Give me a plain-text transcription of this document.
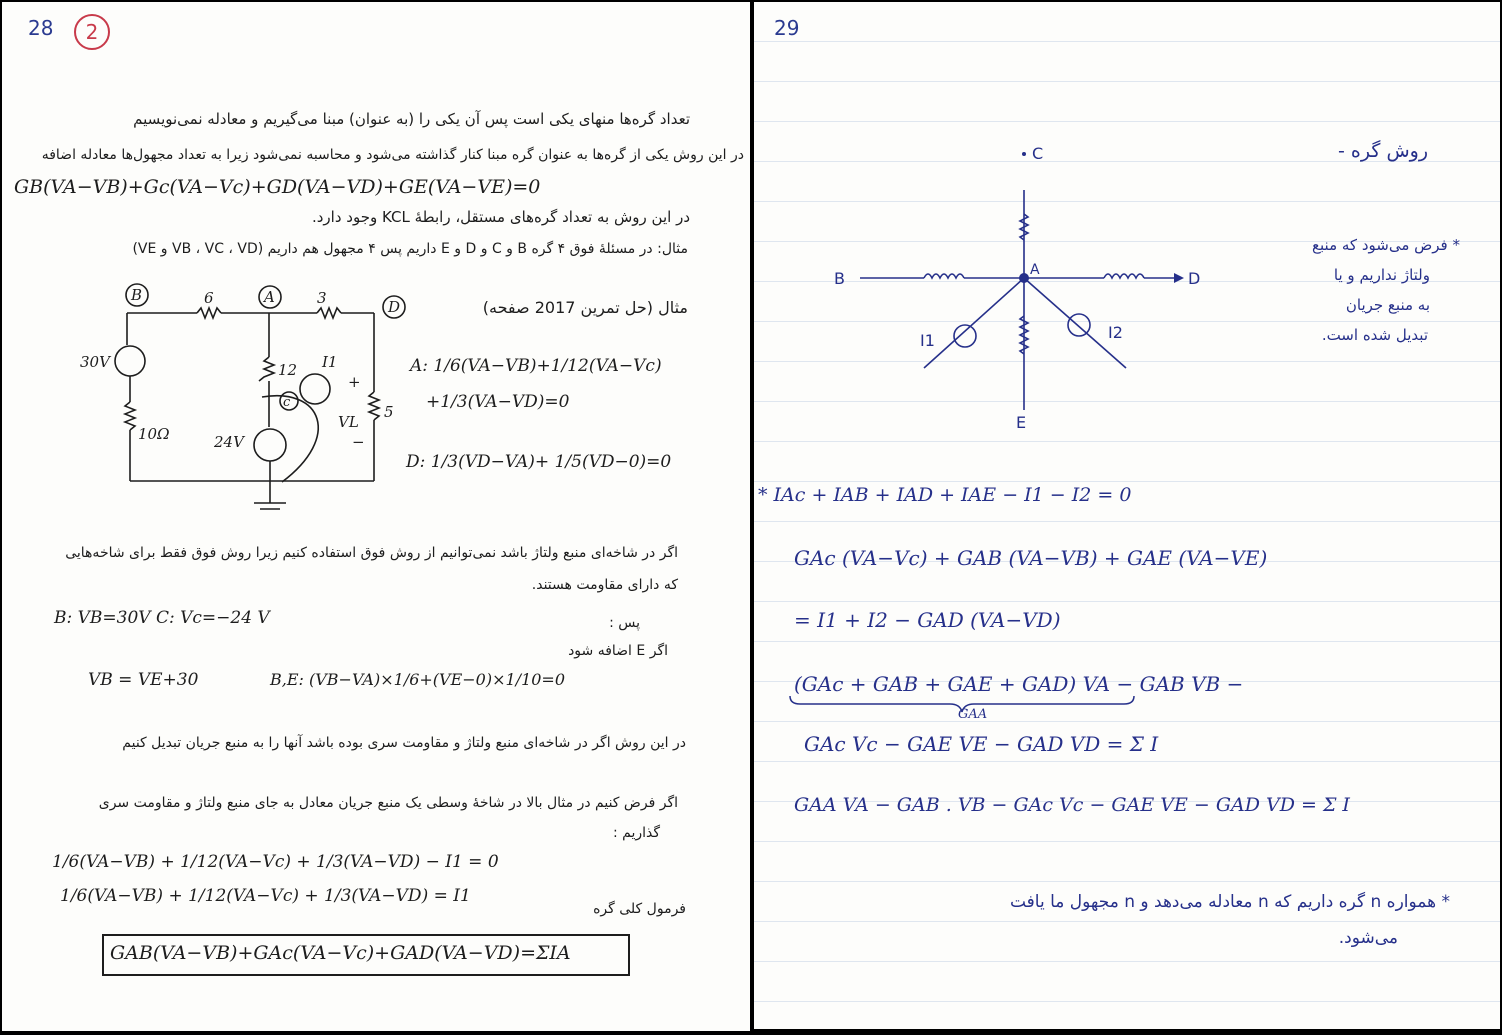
28	2
تعداد گره‌ها منهای یکی است پس آن یکی را (به عنوان) مبنا می‌گیریم و معادله نمی‌نویسیم
در این روش یکی از گره‌ها به عنوان گره مبنا کنار گذاشته می‌شود و محاسبه نمی‌شود زیرا به تعداد مجهول‌ها معادله اضافه
GB(VA−VB)+Gc(VA−Vc)+GD(VA−VD)+GE(VA−VE)=0
در این روش به تعداد گره‌های مستقل، رابطهٔ KCL وجود دارد.
مثال: در مسئلهٔ فوق ۴ گره B و C و D و E داریم پس ۴ مجهول هم داریم (VB ، VC ، VD و VE)
B	A
D
c
6
12
3
5
10Ω
30V
24V
I1
VL
+
−
مثال (حل تمرین 2017 صفحه)
A: 1/6(VA−VB)+1/12(VA−Vc)
+1/3(VA−VD)=0
D: 1/3(VD−VA)+ 1/5(VD−0)=0
اگر در شاخه‌ای منبع ولتاژ باشد نمی‌توانیم از روش فوق استفاده کنیم زیرا روش فوق فقط برای شاخه‌هایی
که دارای مقاومت هستند.
پس :
اگر E اضافه شود
B: VB=30V C: Vc=−24 V
VB = VE+30	B,E: (VB−VA)×1/6+(VE−0)×1/10=0
در این روش اگر در شاخه‌ای منبع ولتاژ و مقاومت سری بوده باشد آنها را به منبع جریان تبدیل کنیم
اگر فرض کنیم در مثال بالا در شاخهٔ وسطی یک منبع جریان معادل به جای منبع ولتاژ و مقاومت سری
گذاریم :
1/6(VA−VB) + 1/12(VA−Vc) + 1/3(VA−VD) − I1 = 0
1/6(VA−VB) + 1/12(VA−Vc) + 1/3(VA−VD) = I1
فرمول کلی گره
GAB(VA−VB)+GAc(VA−Vc)+GAD(VA−VD)=ΣIA
29
روش گره -
C
B	A	D
E
I1	I2
* فرض می‌شود که منبع
ولتاژ نداریم و یا
به منبع جریان
تبدیل شده است.
* IAc + IAB + IAD + IAE − I1 − I2 = 0
GAc (VA−Vc) + GAB (VA−VB) + GAE (VA−VE)
= I1 + I2 − GAD (VA−VD)
(GAc + GAB + GAE + GAD) VA − GAB VB −
GAA
GAc Vc − GAE VE − GAD VD = Σ I
GAA VA − GAB . VB − GAc Vc − GAE VE − GAD VD = Σ I
* همواره n گره داریم که n معادله می‌دهد و n مجهول ما یافت
می‌شود.
